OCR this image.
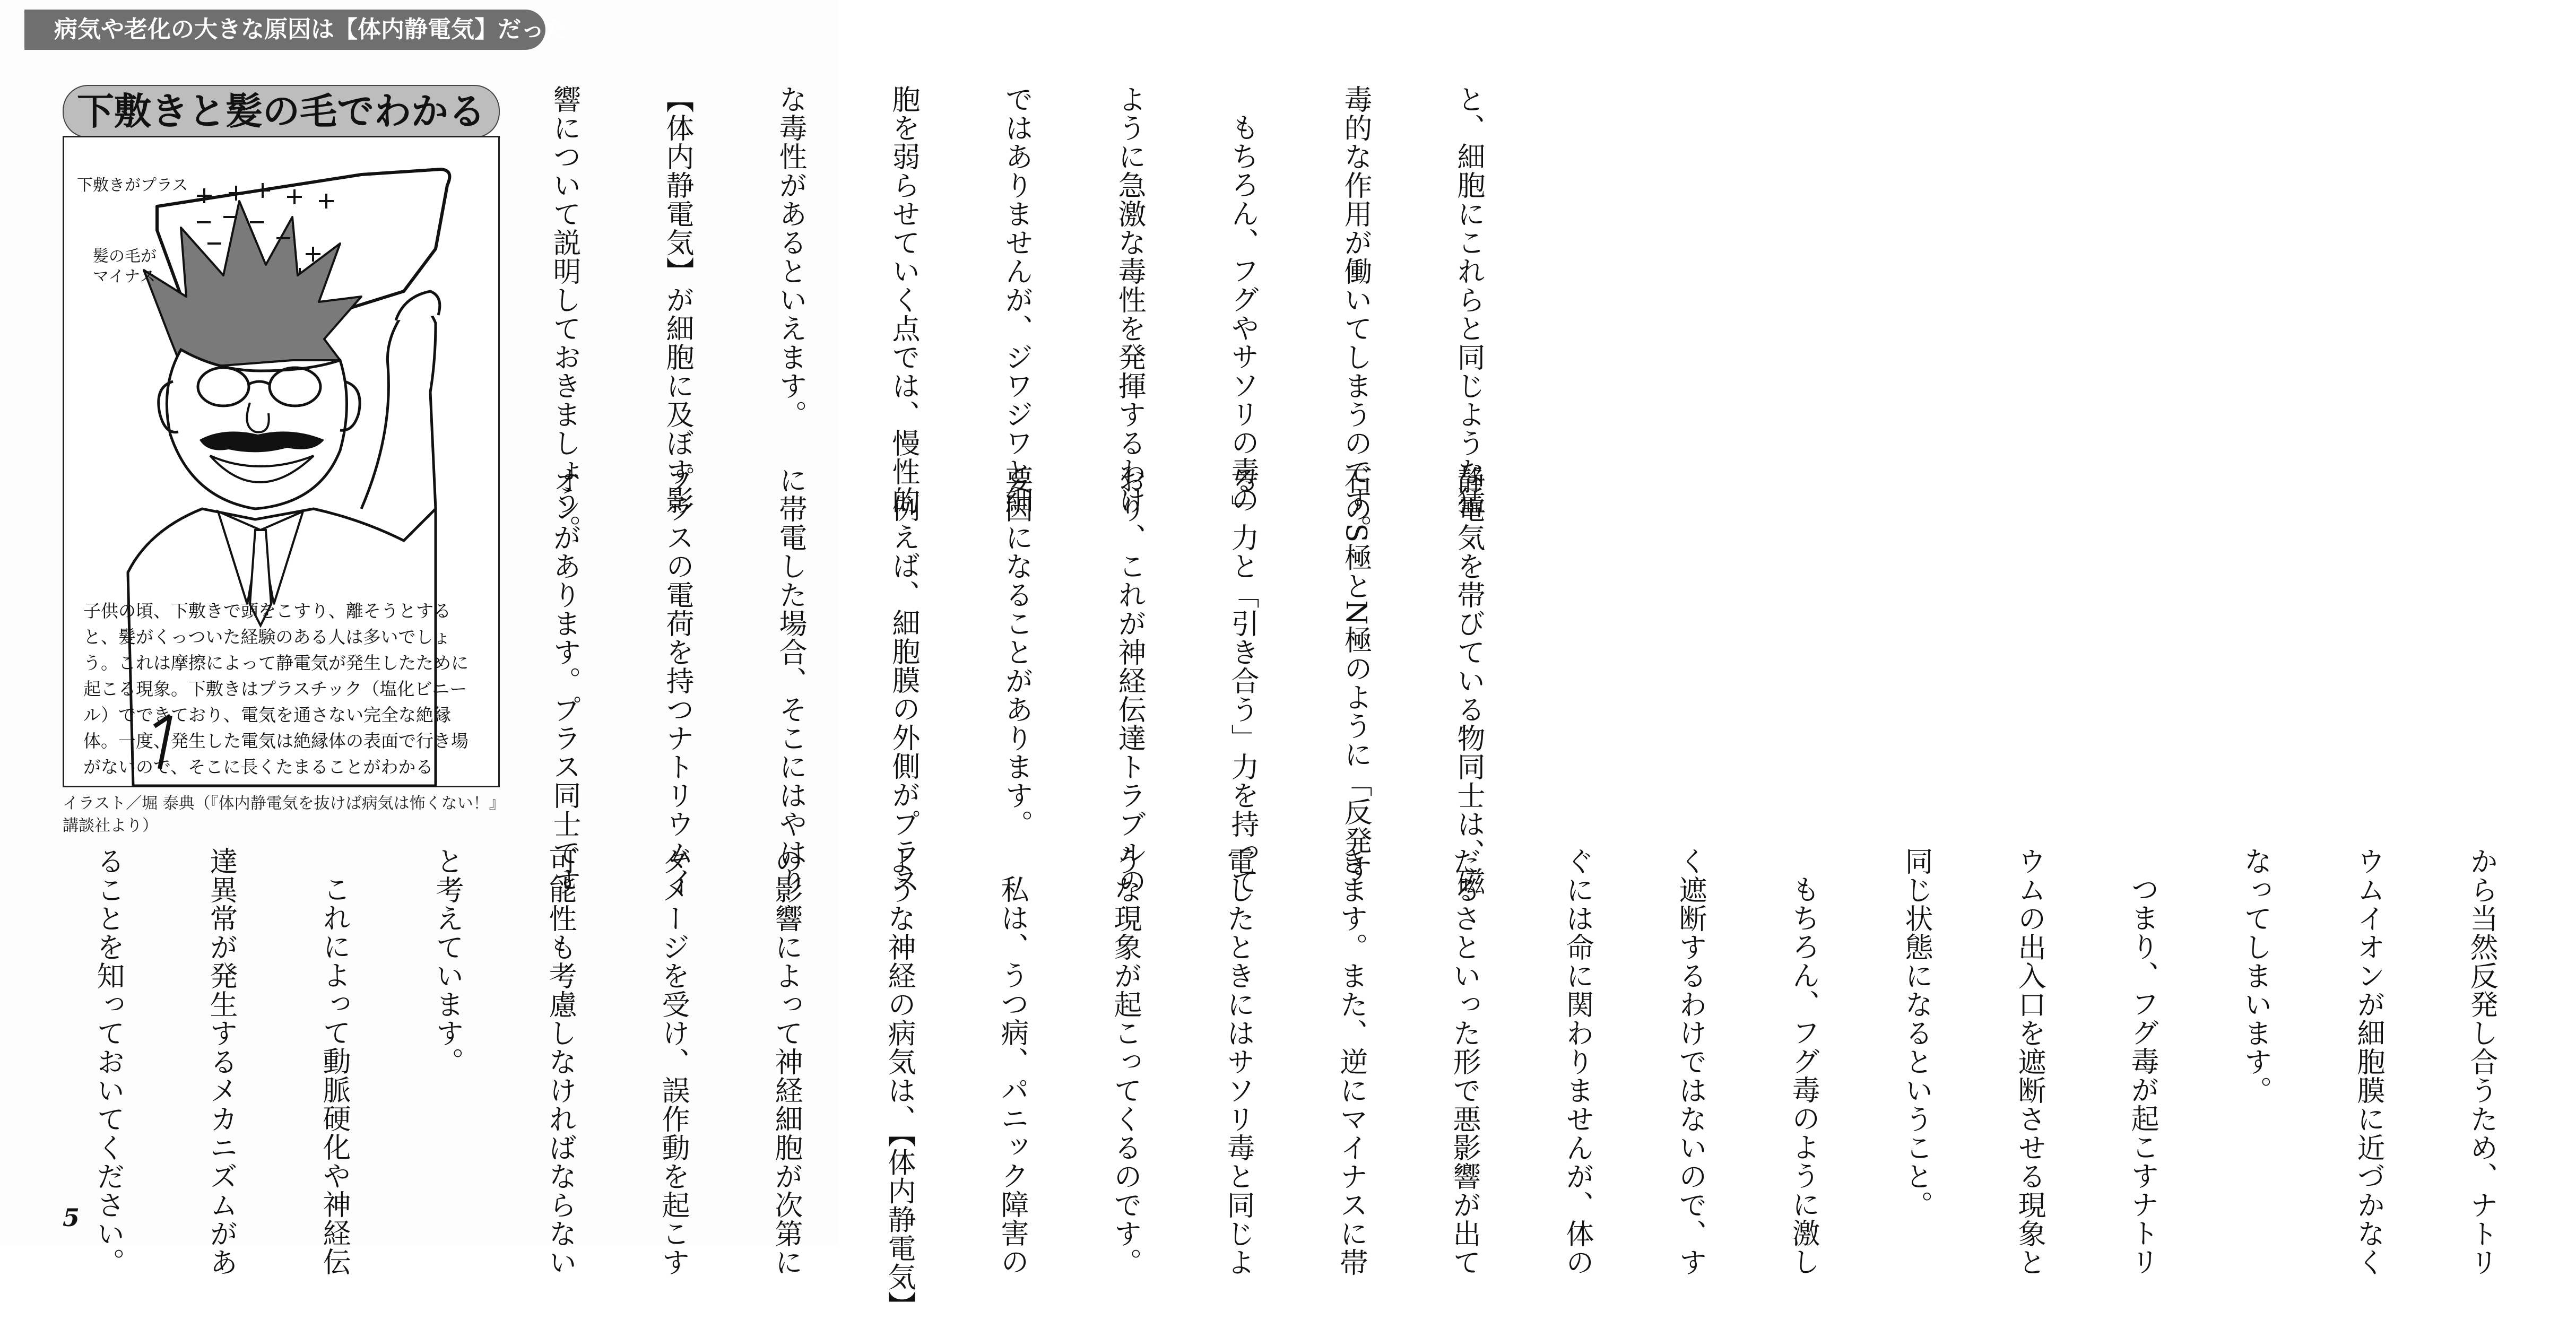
病気や老化の大きな原因は【体内静電気】だった

と、細胞にこれらと同じような猛

毒的な作用が働いてしまうのです。

もちろん、フグやサソリの毒の

ように急激な毒性を発揮するわけ

ではありませんが、ジワジワと細

胞を弱らせていく点では、慢性的

な毒性があるといえます。

【体内静電気】が細胞に及ぼす影

響について説明しておきましょう。

静電気を帯びている物同士は、磁

石のS極とN極のように「反発す

る」力と「引き合う」力を持って

おり、これが神経伝達トラブルの

要因になることがあります。

例えば、細胞膜の外側がプラス

に帯電した場合、そこにはやはり

プラスの電荷を持つナトリウムイ

オンがあります。プラス同士です

から当然反発し合うため、ナトリ

ウムイオンが細胞膜に近づかなく

なってしまいます。

つまり、フグ毒が起こすナトリ

ウムの出入口を遮断させる現象と

同じ状態になるということ。

もちろん、フグ毒のように激し

く遮断するわけではないので、す

ぐには命に関わりませんが、体の

だるさといった形で悪影響が出て

きます。また、逆にマイナスに帯

電したときにはサソリ毒と同じよ

うな現象が起こってくるのです。

私は、うつ病、パニック障害の

ような神経の病気は、【体内静電気】

の影響によって神経細胞が次第に

ダメージを受け、誤作動を起こす

可能性も考慮しなければならない

と考えています。

これによって動脈硬化や神経伝

達異常が発生するメカニズムがあ

ることを知っておいてください。

下敷きと髪の毛でわかる
下敷きがプラス
髪の毛が
マイナス
子供の頃、下敷きで頭をこすり、離そうとすると、髪がくっついた経験のある人は多いでしょう。これは摩擦によって静電気が発生したために起こる現象。下敷きはプラスチック（塩化ビニール）でできており、電気を通さない完全な絶縁体。一度、発生した電気は絶縁体の表面で行き場がないので、そこに長くたまることがわかる
イラスト／堀 泰典（『体内静電気を抜けば病気は怖くない！』
講談社より）
5
